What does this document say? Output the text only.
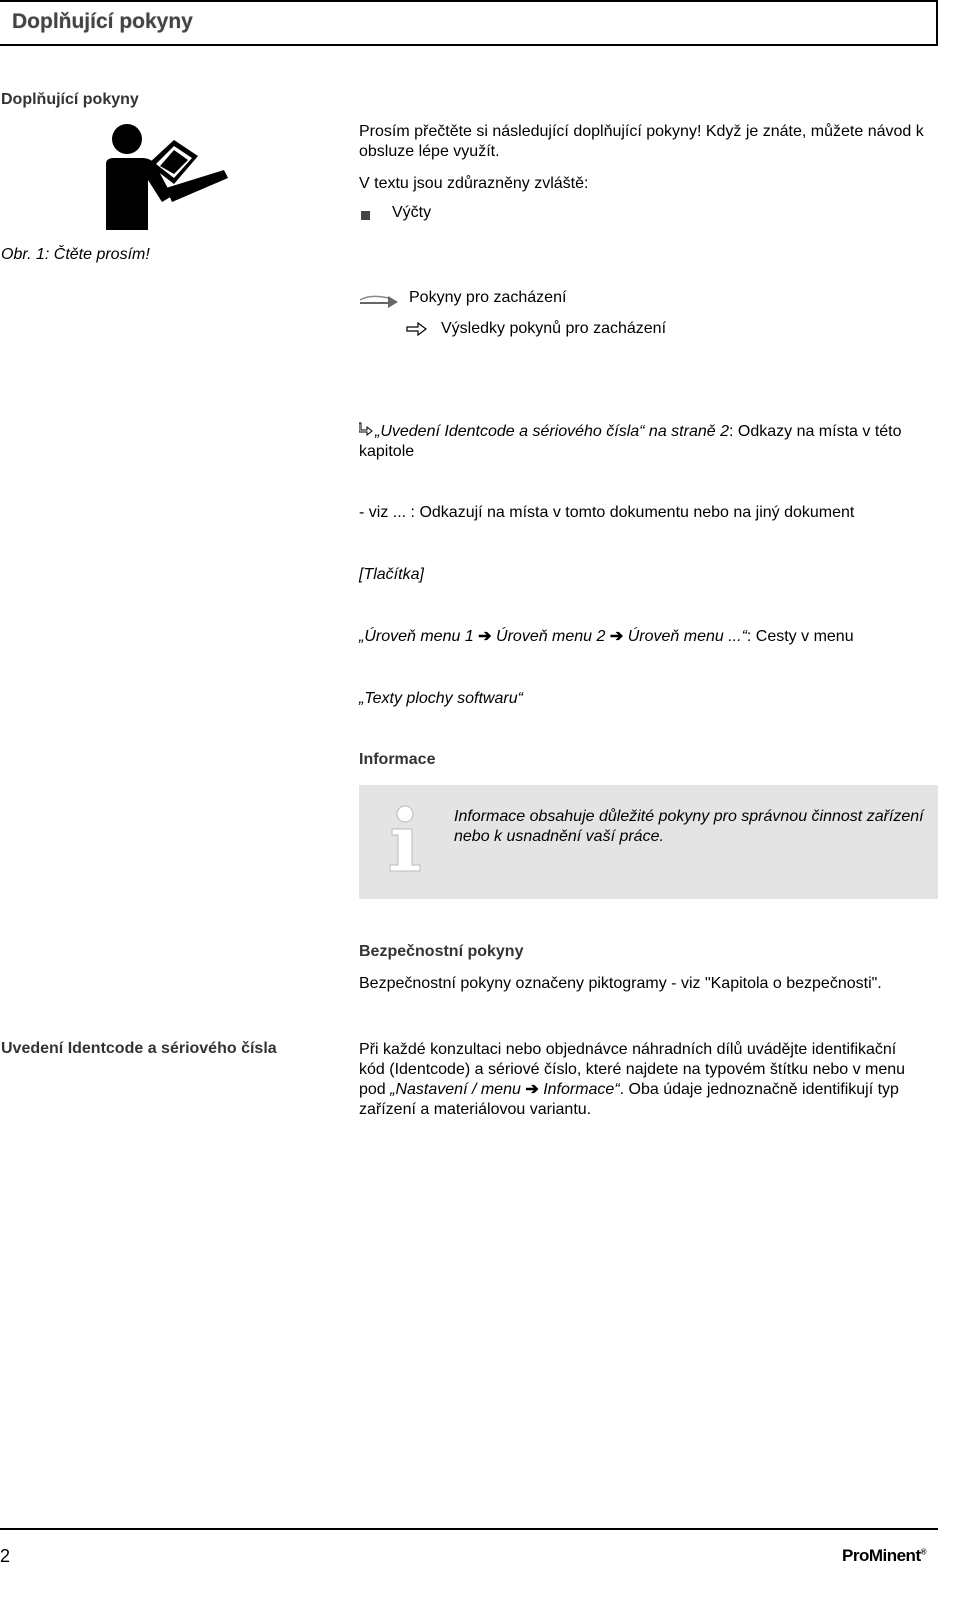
Doplňující pokyny
Doplňující pokyny
Obr. 1: Čtěte prosím!
Prosím přečtěte si následující doplňující pokyny! Když je znáte, můžete návod k obsluze lépe využít.
V textu jsou zdůrazněny zvláště:
Výčty
Pokyny pro zacházení
Výsledky pokynů pro zacházení
„Uvedení Identcode a sériového čísla“ na straně 2: Odkazy na místa v této kapitole
- viz ... : Odkazují na místa v tomto dokumentu nebo na jiný dokument
[Tlačítka]
„Úroveň menu 1 ➔ Úroveň menu 2 ➔ Úroveň menu ...“: Cesty v menu
„Texty plochy softwaru“
Informace
Informace obsahuje důležité pokyny pro správnou činnost zařízení nebo k usnadnění vaší práce.
Bezpečnostní pokyny
Bezpečnostní pokyny označeny piktogramy - viz "Kapitola o bezpečnosti".
Uvedení Identcode a sériového čísla	Při každé konzultaci nebo objednávce náhradních dílů uvádějte identifikační kód (Identcode) a sériové číslo, které najdete na typovém štítku nebo v menu pod „Nastavení / menu ➔ Informace“. Oba údaje jednoznačně identifikují typ zařízení a materiálovou variantu.
2	ProMinent®
